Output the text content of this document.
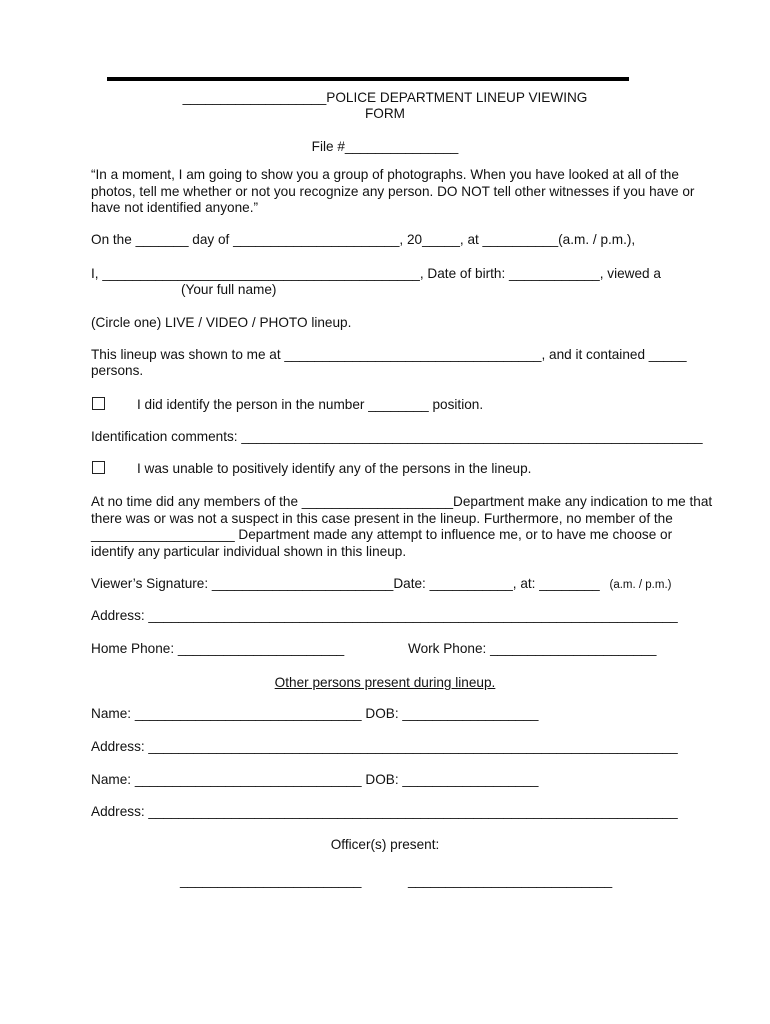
___________________POLICE DEPARTMENT LINEUP VIEWING
FORM
File #_______________
“In a moment, I am going to show you a group of photographs. When you have looked at all of the photos, tell me whether or not you recognize any person. DO NOT tell other witnesses if you have or have not identified anyone.”
On the _______ day of ______________________, 20_____, at __________(a.m. / p.m.),
I, __________________________________________, Date of birth: ____________, viewed a
(Your full name)
(Circle one) LIVE / VIDEO / PHOTO lineup.
This lineup was shown to me at __________________________________, and it contained _____
persons.
I did identify the person in the number ________ position.
Identification comments: _____________________________________________________________
I was unable to positively identify any of the persons in the lineup.
At no time did any members of the ____________________Department make any indication to me that there was or was not a suspect in this case present in the lineup. Furthermore, no member of the ___________________ Department made any attempt to influence me, or to have me choose or identify any particular individual shown in this lineup.
Viewer’s Signature: ________________________Date: ___________, at: ________ (a.m. / p.m.)
Address: ______________________________________________________________________
Home Phone: ______________________	Work Phone: ______________________
Other persons present during lineup.
Name: ______________________________ DOB: __________________
Address: ______________________________________________________________________
Name: ______________________________ DOB: __________________
Address: ______________________________________________________________________
Officer(s) present:
________________________	___________________________
